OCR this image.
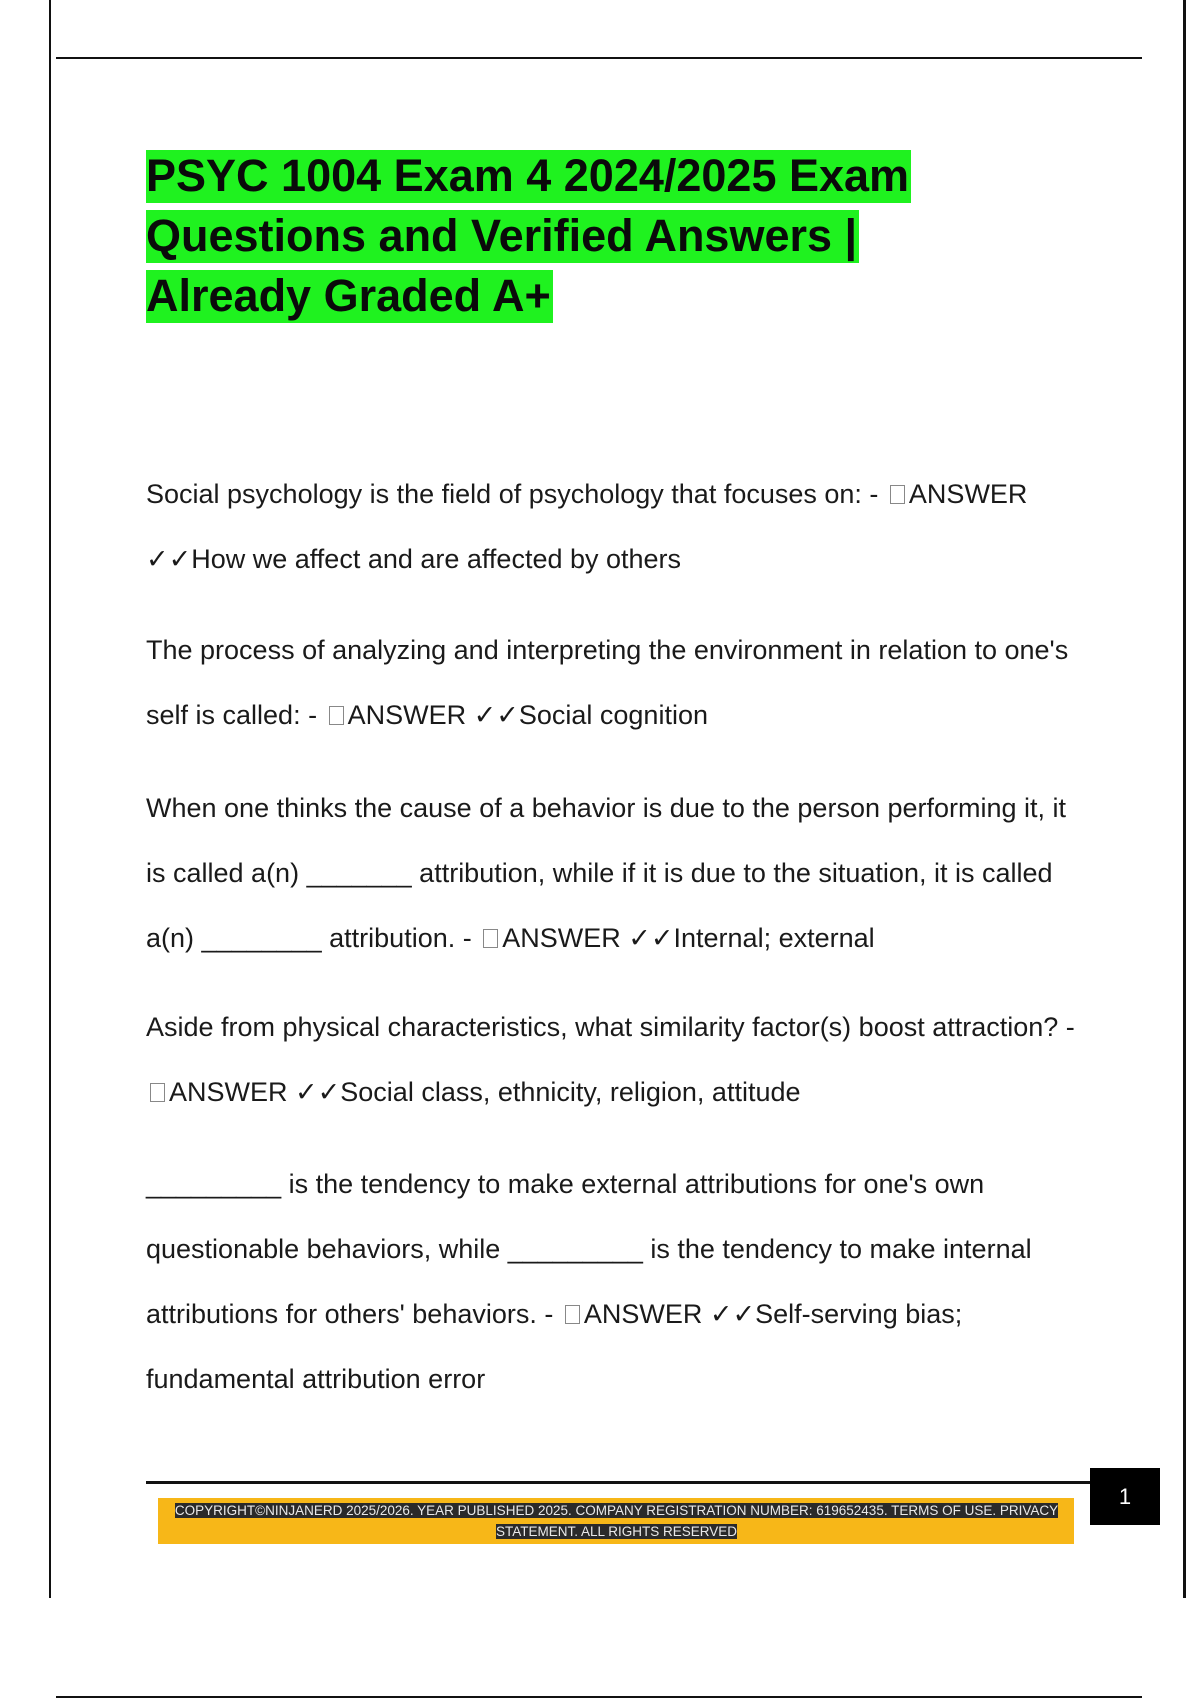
PSYC 1004 Exam 4 2024/2025 Exam Questions and Verified Answers | Already Graded A+

Social psychology is the field of psychology that focuses on: - ANSWER ✓✓How we affect and are affected by others

The process of analyzing and interpreting the environment in relation to one's self is called: - ANSWER ✓✓Social cognition

When one thinks the cause of a behavior is due to the person performing it, it is called a(n) _______ attribution, while if it is due to the situation, it is called a(n) ________ attribution. - ANSWER ✓✓Internal; external

Aside from physical characteristics, what similarity factor(s) boost attraction? - ANSWER ✓✓Social class, ethnicity, religion, attitude

_________ is the tendency to make external attributions for one's own questionable behaviors, while _________ is the tendency to make internal attributions for others' behaviors. - ANSWER ✓✓Self-serving bias; fundamental attribution error

1

COPYRIGHT©NINJANERD 2025/2026. YEAR PUBLISHED 2025. COMPANY REGISTRATION NUMBER: 619652435. TERMS OF USE. PRIVACY STATEMENT. ALL RIGHTS RESERVED
